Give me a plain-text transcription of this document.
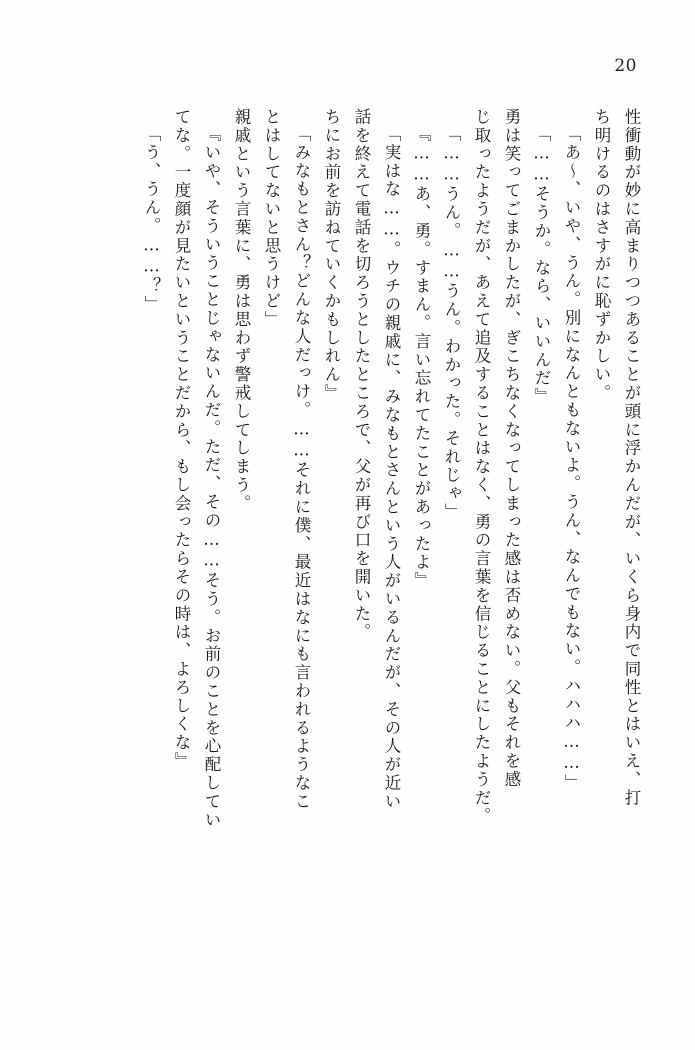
20
性衝動が妙に高まりつつあることが頭に浮かんだが、いくら身内で同性とはいえ、打
ち明けるのはさすがに恥ずかしい。
「あ〜、いや、うん。別になんともないよ。うん、なんでもない。ハハハ……」
「……そうか。なら、いいんだ』
勇は笑ってごまかしたが、ぎこちなくなってしまった感は否めない。父もそれを感
じ取ったようだが、あえて追及することはなく、勇の言葉を信じることにしたようだ。
「……うん。……うん。わかった。それじゃ」
『……あ、勇。すまん。言い忘れてたことがあったよ』
「実はな……。ウチの親戚に、みなもとさんという人がいるんだが、その人が近い
話を終えて電話を切ろうとしたところで、父が再び口を開いた。
ちにお前を訪ねていくかもしれん』
「みなもとさん？どんな人だっけ。……それに僕、最近はなにも言われるようなこ
とはしてないと思うけど」
親戚という言葉に、勇は思わず警戒してしまう。
『いや、そういうことじゃないんだ。ただ、その……そう。お前のことを心配してい
てな。一度顔が見たいということだから、もし会ったらその時は、よろしくな』
「う、うん。……？」
